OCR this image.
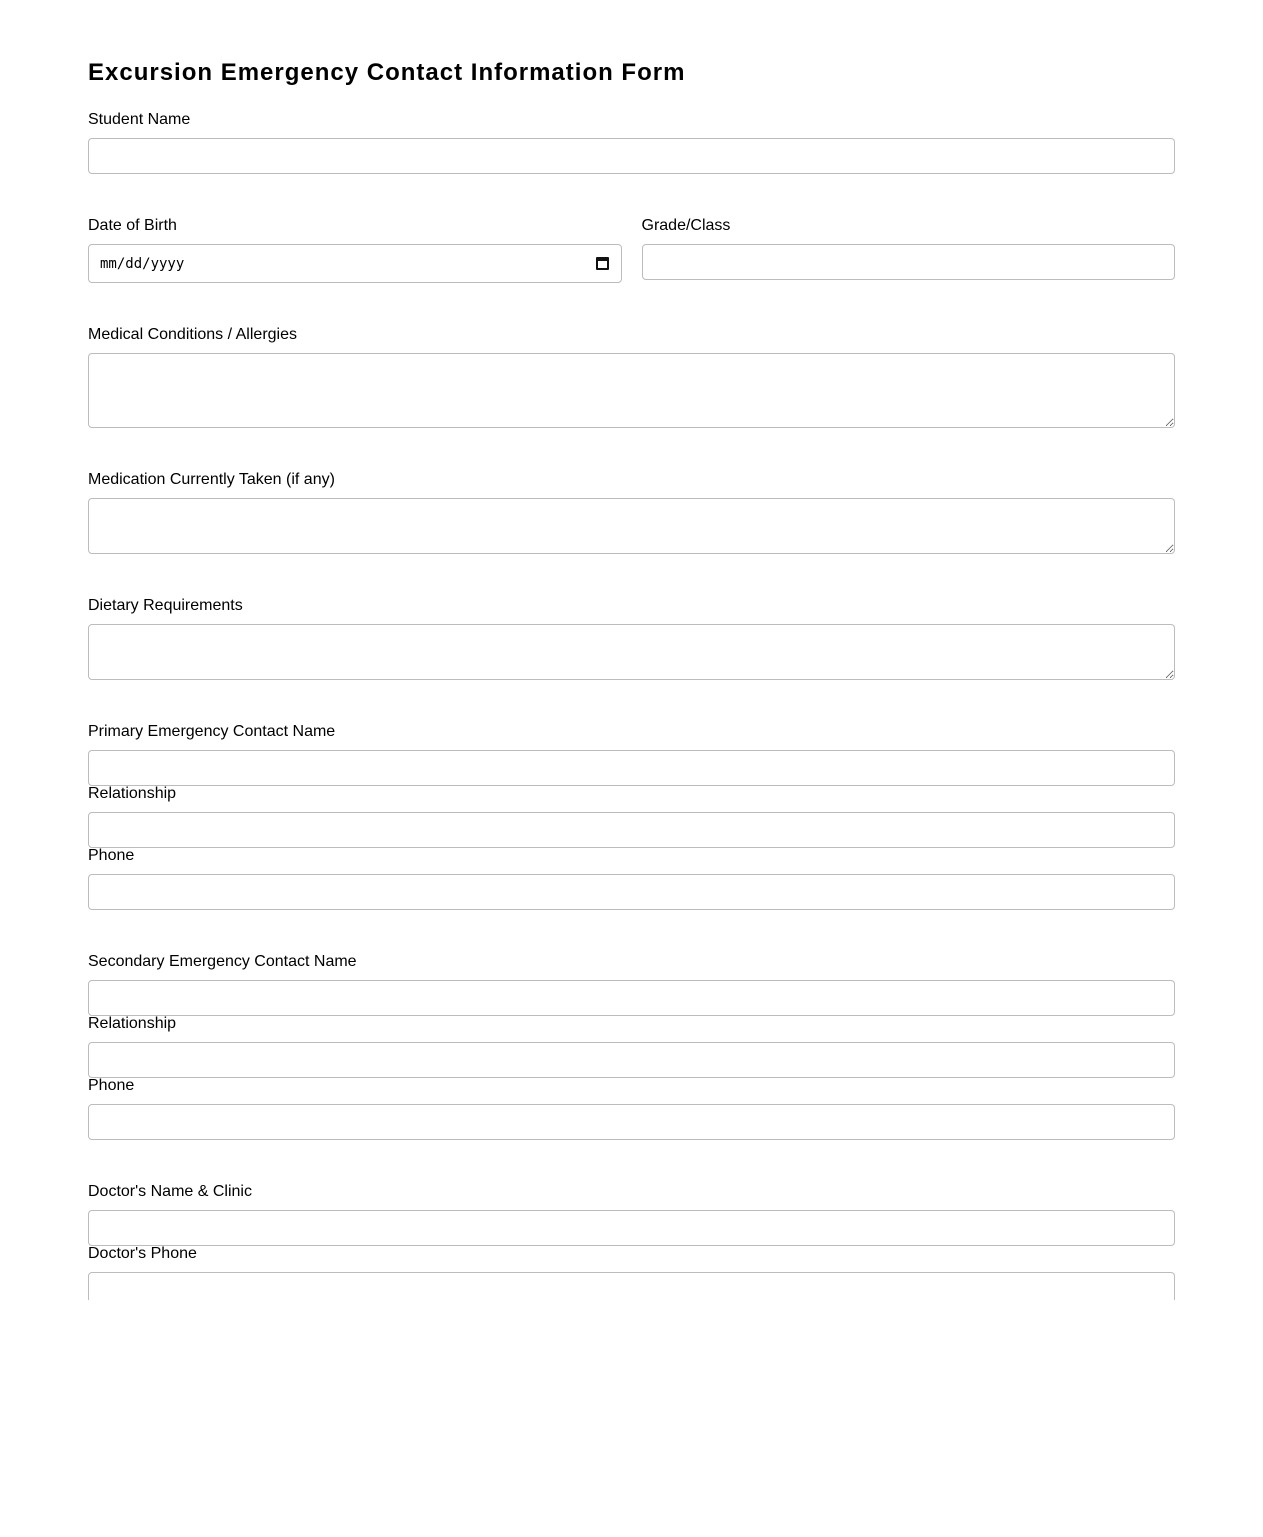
Excursion Emergency Contact Information Form
Student Name
Date of Birth
mm/dd/yyyy
Grade/Class
Medical Conditions / Allergies
Medication Currently Taken (if any)
Dietary Requirements
Primary Emergency Contact Name
Relationship
Phone
Secondary Emergency Contact Name
Relationship
Phone
Doctor's Name & Clinic
Doctor's Phone
